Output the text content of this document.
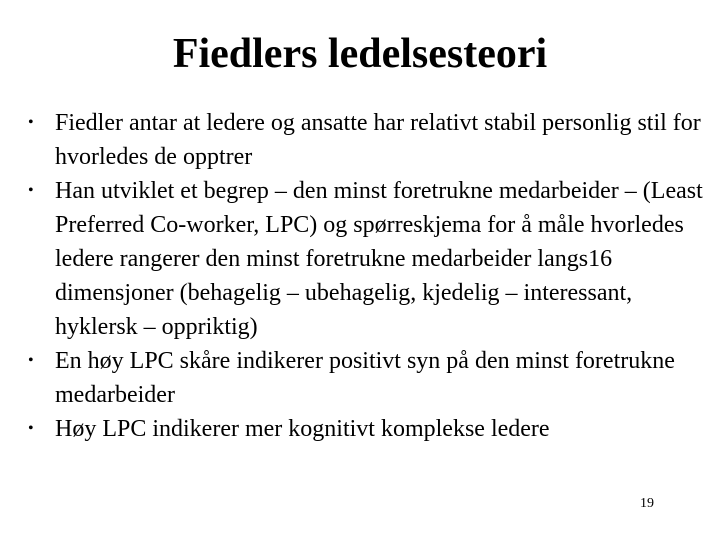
Fiedlers ledelsesteori
• Fiedler antar at ledere og ansatte har relativt stabil personlig stil for hvorledes de opptrer
• Han utviklet et begrep – den minst foretrukne medarbeider – (Least Preferred Co-worker, LPC) og spørreskjema for å måle hvorledes ledere rangerer den minst foretrukne medarbeider langs16 dimensjoner (behagelig – ubehagelig, kjedelig – interessant, hyklersk – oppriktig)
• En høy LPC skåre indikerer positivt syn på den minst foretrukne medarbeider
• Høy LPC indikerer mer kognitivt komplekse ledere
19
